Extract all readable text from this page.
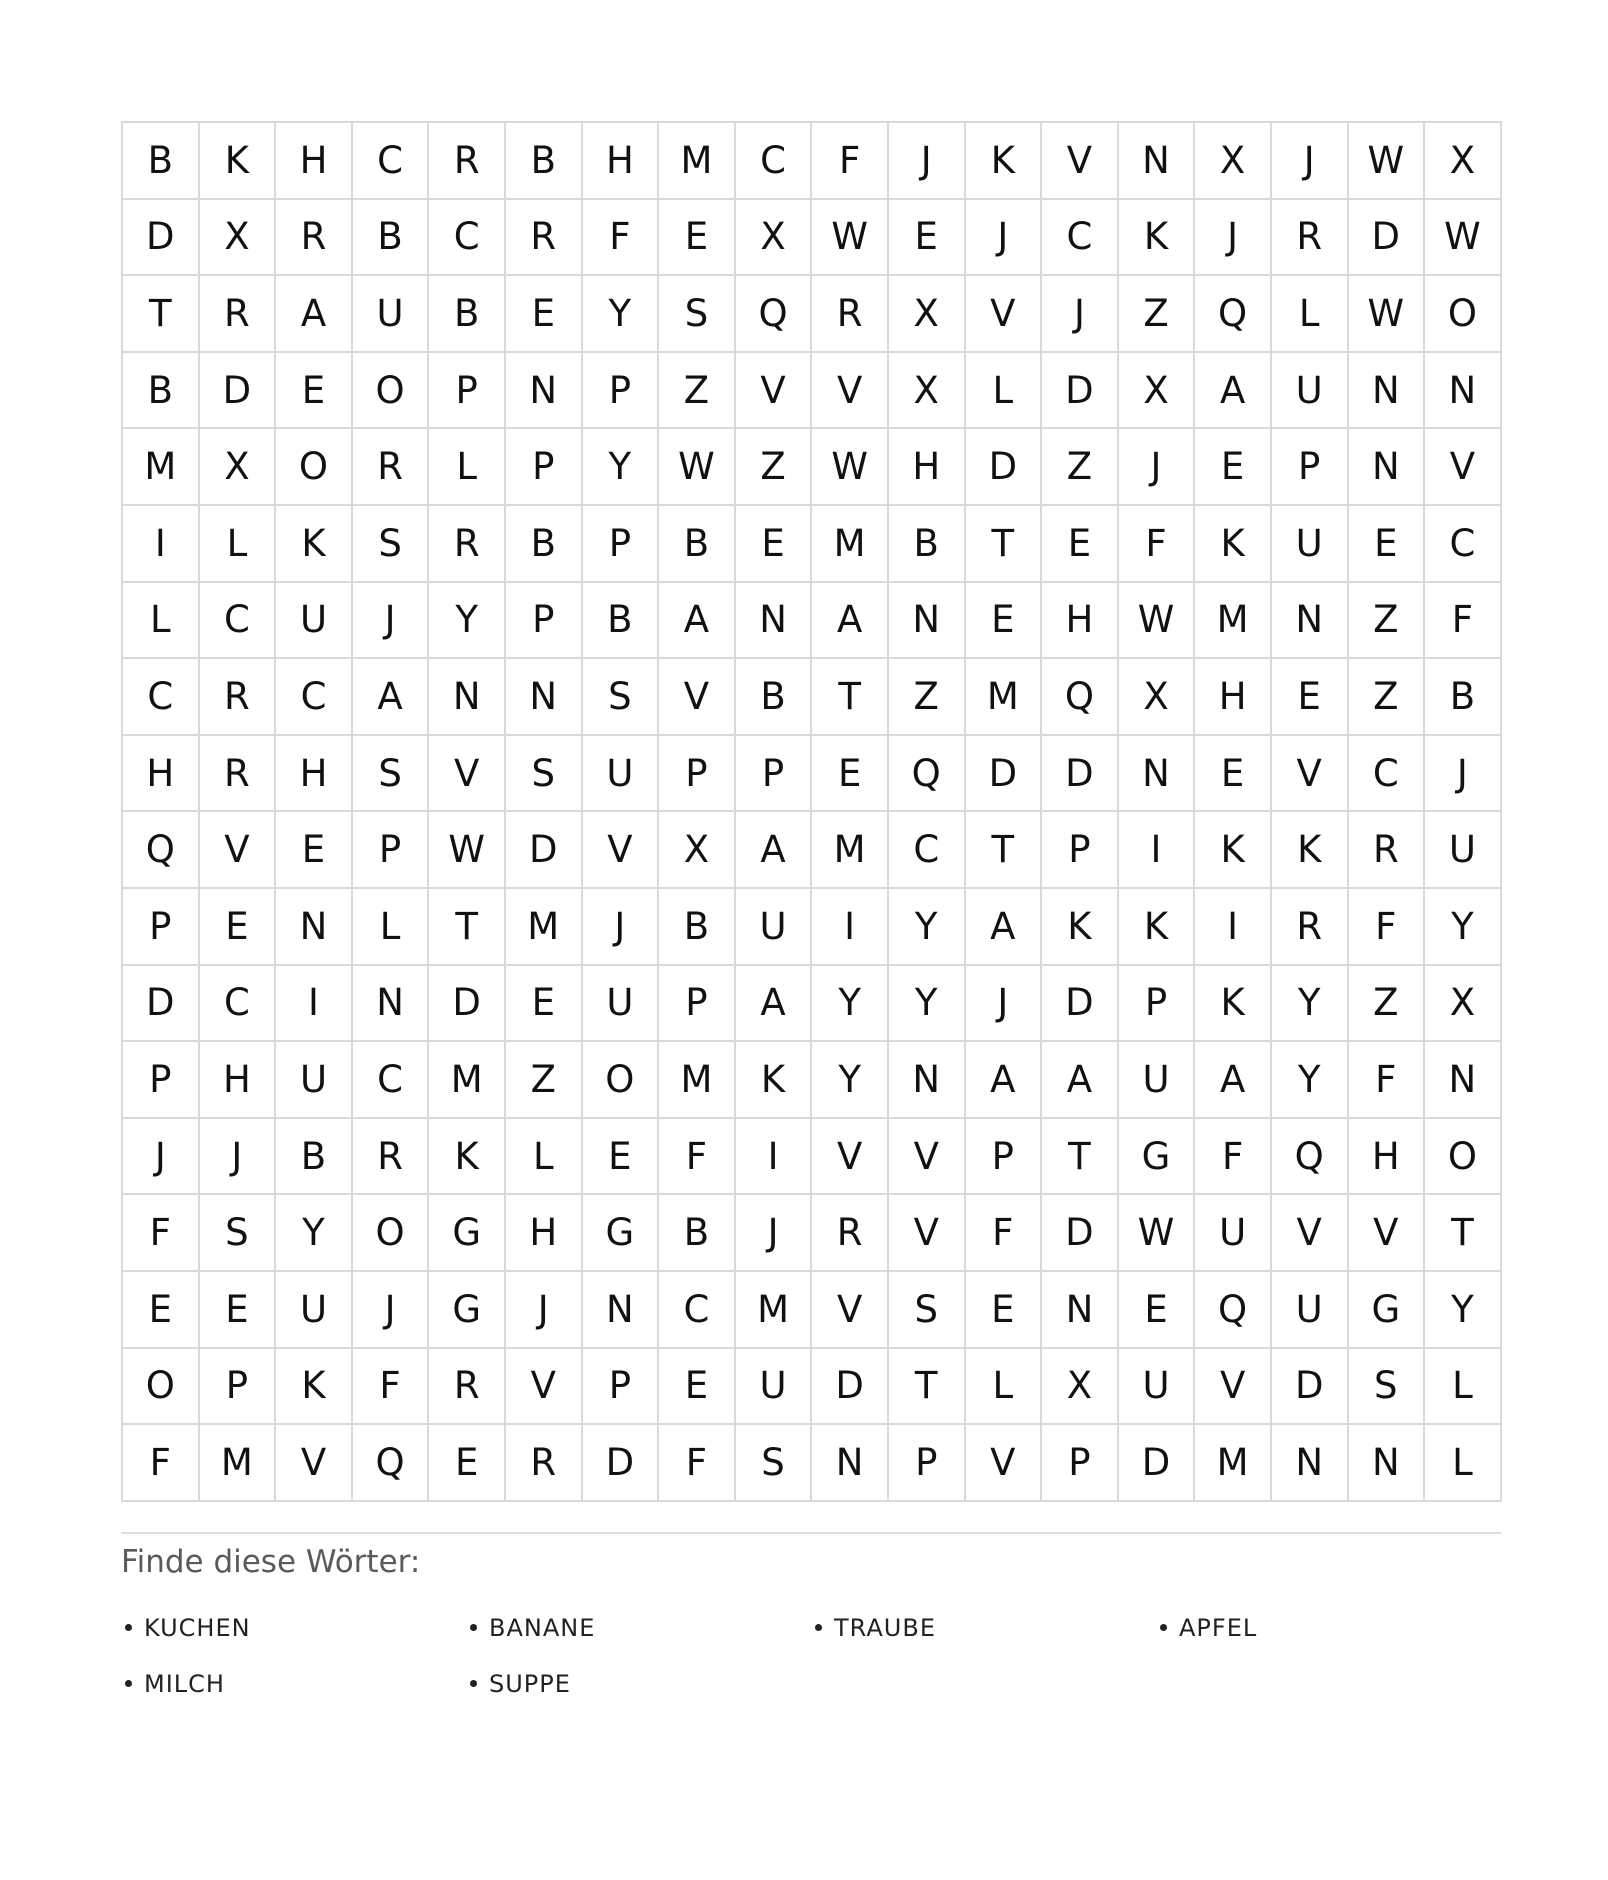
B	K	H	C	R	B	H	M	C	F	J	K	V	N	X	J	W	X
D	X	R	B	C	R	F	E	X	W	E	J	C	K	J	R	D	W
T	R	A	U	B	E	Y	S	Q	R	X	V	J	Z	Q	L	W	O
B	D	E	O	P	N	P	Z	V	V	X	L	D	X	A	U	N	N
M	X	O	R	L	P	Y	W	Z	W	H	D	Z	J	E	P	N	V
I	L	K	S	R	B	P	B	E	M	B	T	E	F	K	U	E	C
L	C	U	J	Y	P	B	A	N	A	N	E	H	W	M	N	Z	F
C	R	C	A	N	N	S	V	B	T	Z	M	Q	X	H	E	Z	B
H	R	H	S	V	S	U	P	P	E	Q	D	D	N	E	V	C	J
Q	V	E	P	W	D	V	X	A	M	C	T	P	I	K	K	R	U
P	E	N	L	T	M	J	B	U	I	Y	A	K	K	I	R	F	Y
D	C	I	N	D	E	U	P	A	Y	Y	J	D	P	K	Y	Z	X
P	H	U	C	M	Z	O	M	K	Y	N	A	A	U	A	Y	F	N
J	J	B	R	K	L	E	F	I	V	V	P	T	G	F	Q	H	O
F	S	Y	O	G	H	G	B	J	R	V	F	D	W	U	V	V	T
E	E	U	J	G	J	N	C	M	V	S	E	N	E	Q	U	G	Y
O	P	K	F	R	V	P	E	U	D	T	L	X	U	V	D	S	L
F	M	V	Q	E	R	D	F	S	N	P	V	P	D	M	N	N	L
Finde diese Wörter:
KUCHEN	BANANE	TRAUBE	APFEL
MILCH	SUPPE
